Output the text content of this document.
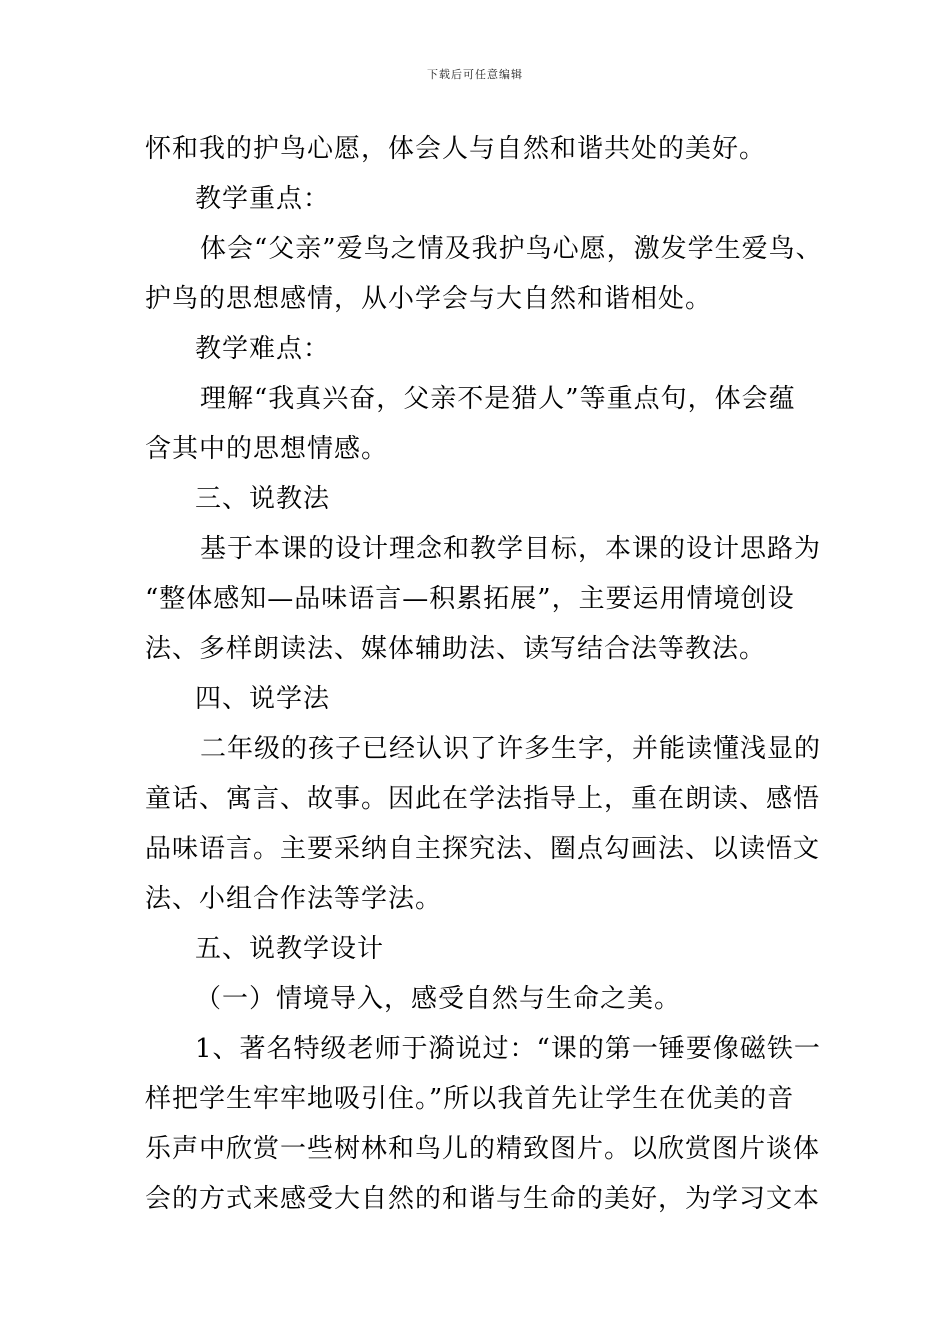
下载后可任意编辑
怀和我的护鸟心愿，体会人与自然和谐共处的美好。
教学重点：
体会“父亲”爱鸟之情及我护鸟心愿，激发学生爱鸟、
护鸟的思想感情，从小学会与大自然和谐相处。
教学难点：
理解“我真兴奋，父亲不是猎人”等重点句，体会蕴
含其中的思想情感。
三、说教法
基于本课的设计理念和教学目标，本课的设计思路为
“整体感知—品味语言—积累拓展”，主要运用情境创设
法、多样朗读法、媒体辅助法、读写结合法等教法。
四、说学法
二年级的孩子已经认识了许多生字，并能读懂浅显的
童话、寓言、故事。因此在学法指导上，重在朗读、感悟
品味语言。主要采纳自主探究法、圈点勾画法、以读悟文
法、小组合作法等学法。
五、说教学设计
（一）情境导入，感受自然与生命之美。
1、著名特级老师于漪说过：“课的第一锤要像磁铁一
样把学生牢牢地吸引住。”所以我首先让学生在优美的音
乐声中欣赏一些树林和鸟儿的精致图片。以欣赏图片谈体
会的方式来感受大自然的和谐与生命的美好，为学习文本
